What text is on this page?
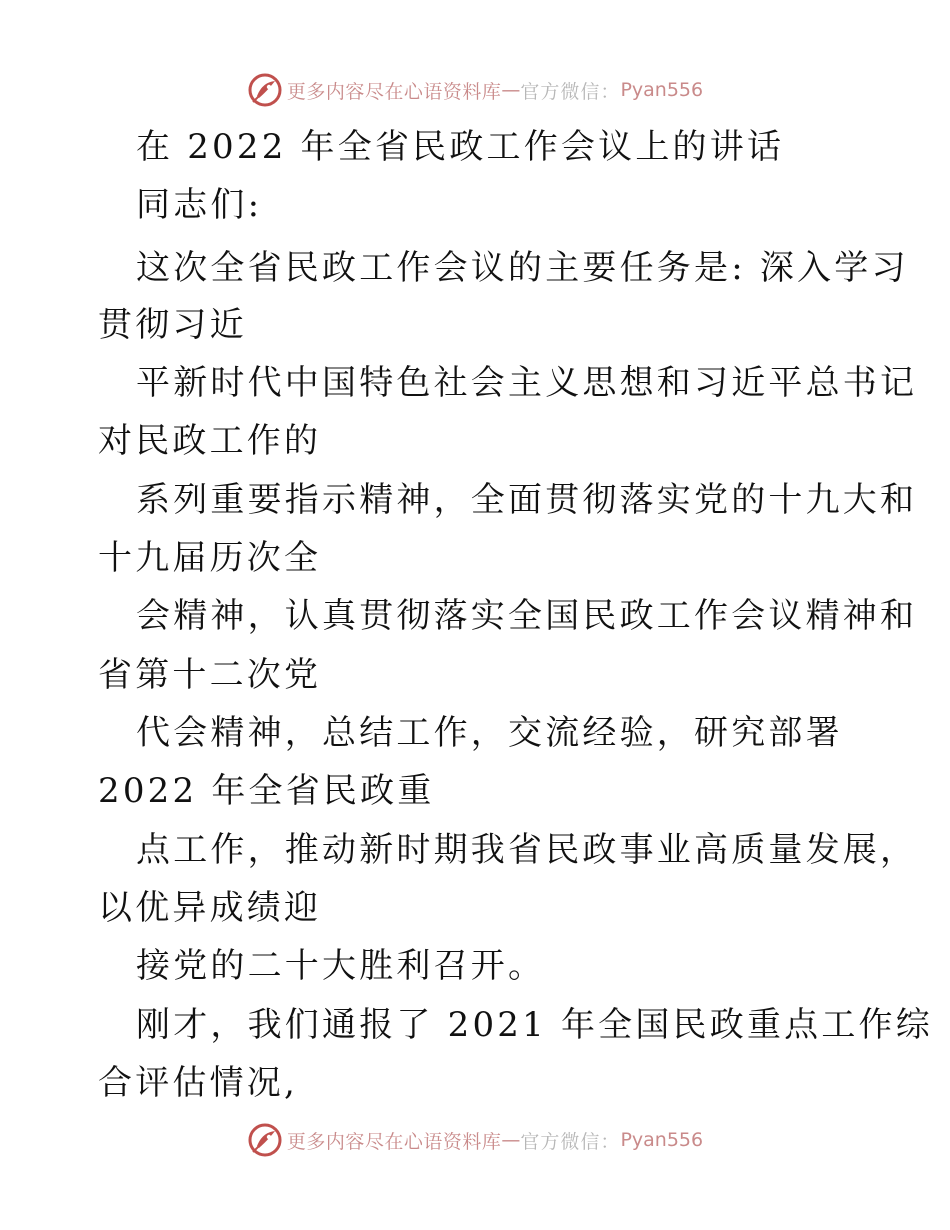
更多内容尽在心语资料库 — 官方微信： Pyan556
在 2022 年全省民政工作会议上的讲话
同志们:
这次全省民政工作会议的主要任务是: 深入学习
贯彻习近
平新时代中国特色社会主义思想和习近平总书记
对民政工作的
系列重要指示精神，全面贯彻落实党的十九大和
十九届历次全
会精神，认真贯彻落实全国民政工作会议精神和
省第十二次党
代会精神，总结工作，交流经验，研究部署
2022 年全省民政重
点工作，推动新时期我省民政事业高质量发展，
以优异成绩迎
接党的二十大胜利召开。
刚才，我们通报了 2021 年全国民政重点工作综
合评估情况,
更多内容尽在心语资料库 — 官方微信： Pyan556
